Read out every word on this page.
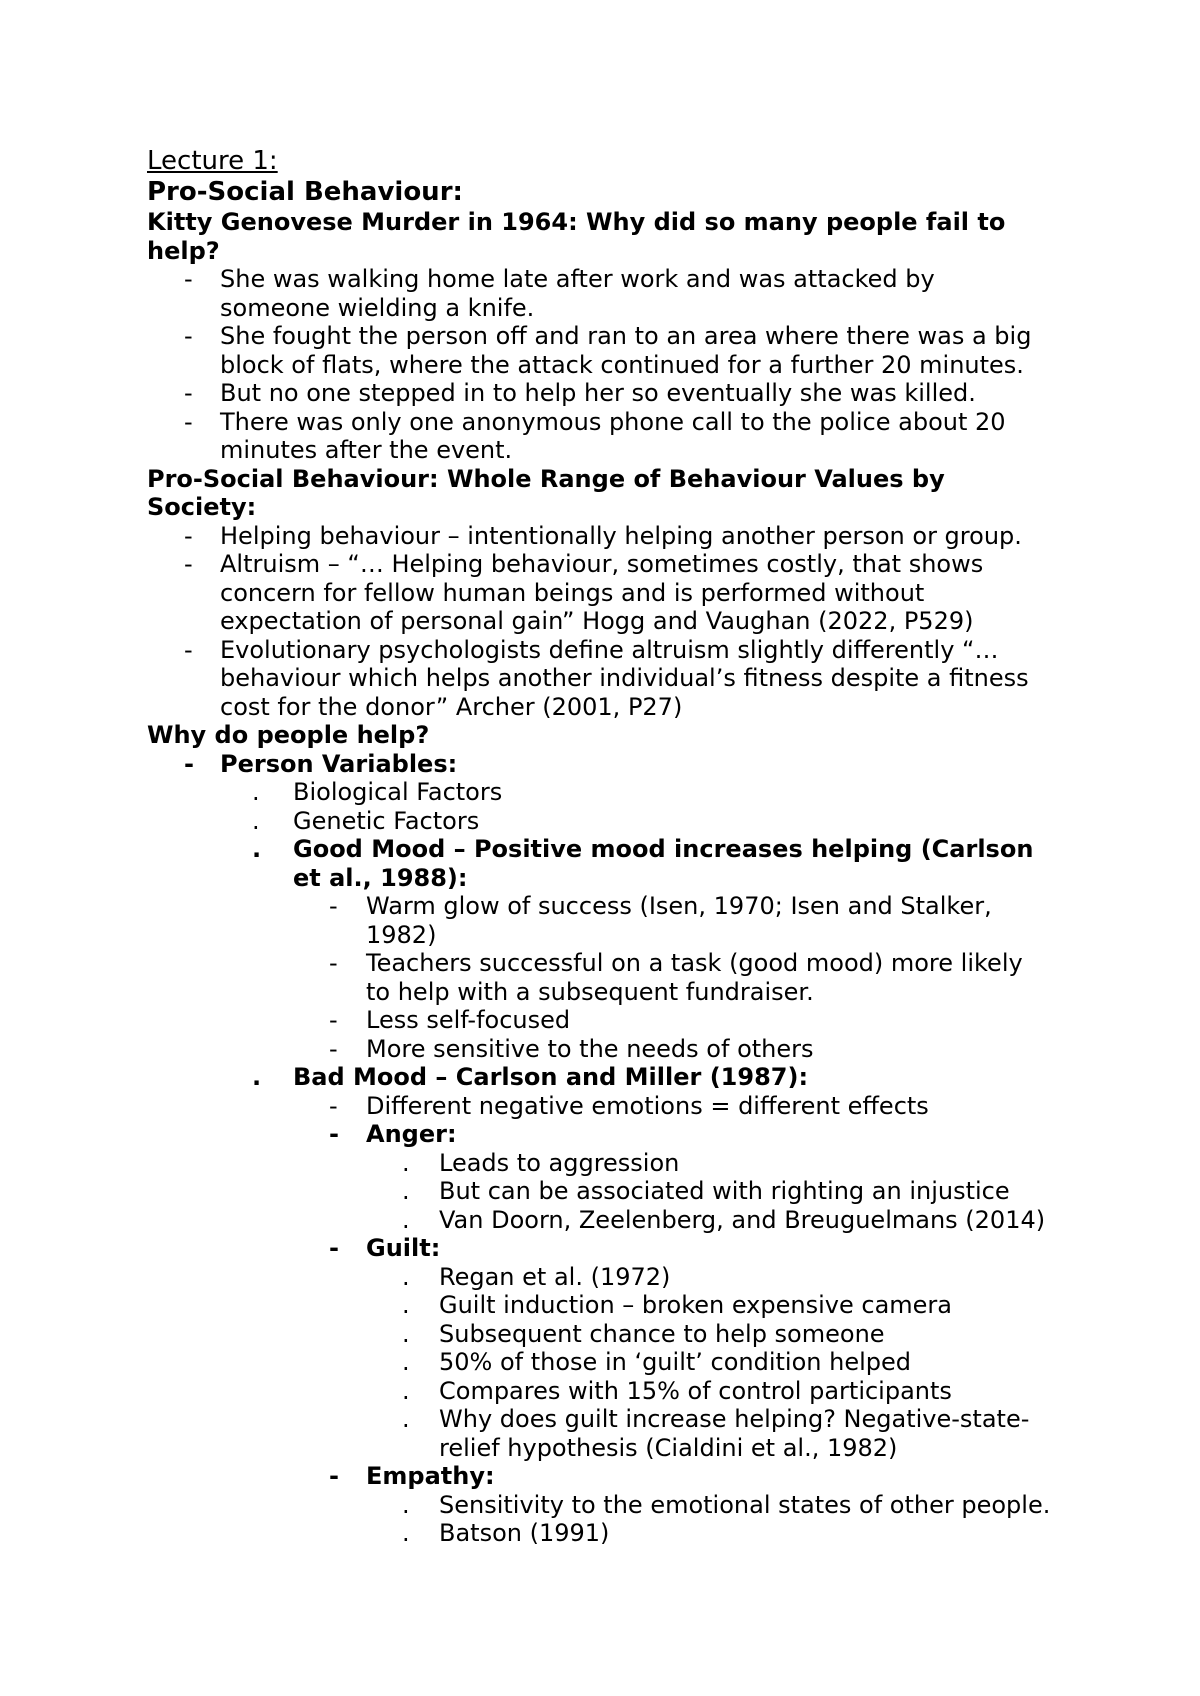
Lecture 1:
Pro-Social Behaviour:
Kitty Genovese Murder in 1964: Why did so many people fail to
help?
- She was walking home late after work and was attacked by
someone wielding a knife.
- She fought the person off and ran to an area where there was a big
block of flats, where the attack continued for a further 20 minutes.
- But no one stepped in to help her so eventually she was killed.
- There was only one anonymous phone call to the police about 20
minutes after the event.
Pro-Social Behaviour: Whole Range of Behaviour Values by
Society:
- Helping behaviour – intentionally helping another person or group.
- Altruism – “… Helping behaviour, sometimes costly, that shows
concern for fellow human beings and is performed without
expectation of personal gain” Hogg and Vaughan (2022, P529)
- Evolutionary psychologists define altruism slightly differently “…
behaviour which helps another individual’s fitness despite a fitness
cost for the donor” Archer (2001, P27)
Why do people help?
- Person Variables:
. Biological Factors
. Genetic Factors
. Good Mood – Positive mood increases helping (Carlson
et al., 1988):
- Warm glow of success (Isen, 1970; Isen and Stalker,
1982)
- Teachers successful on a task (good mood) more likely
to help with a subsequent fundraiser.
- Less self-focused
- More sensitive to the needs of others
. Bad Mood – Carlson and Miller (1987):
- Different negative emotions = different effects
- Anger:
. Leads to aggression
. But can be associated with righting an injustice
. Van Doorn, Zeelenberg, and Breuguelmans (2014)
- Guilt:
. Regan et al. (1972)
. Guilt induction – broken expensive camera
. Subsequent chance to help someone
. 50% of those in ‘guilt’ condition helped
. Compares with 15% of control participants
. Why does guilt increase helping? Negative-state-
relief hypothesis (Cialdini et al., 1982)
- Empathy:
. Sensitivity to the emotional states of other people.
. Batson (1991)
